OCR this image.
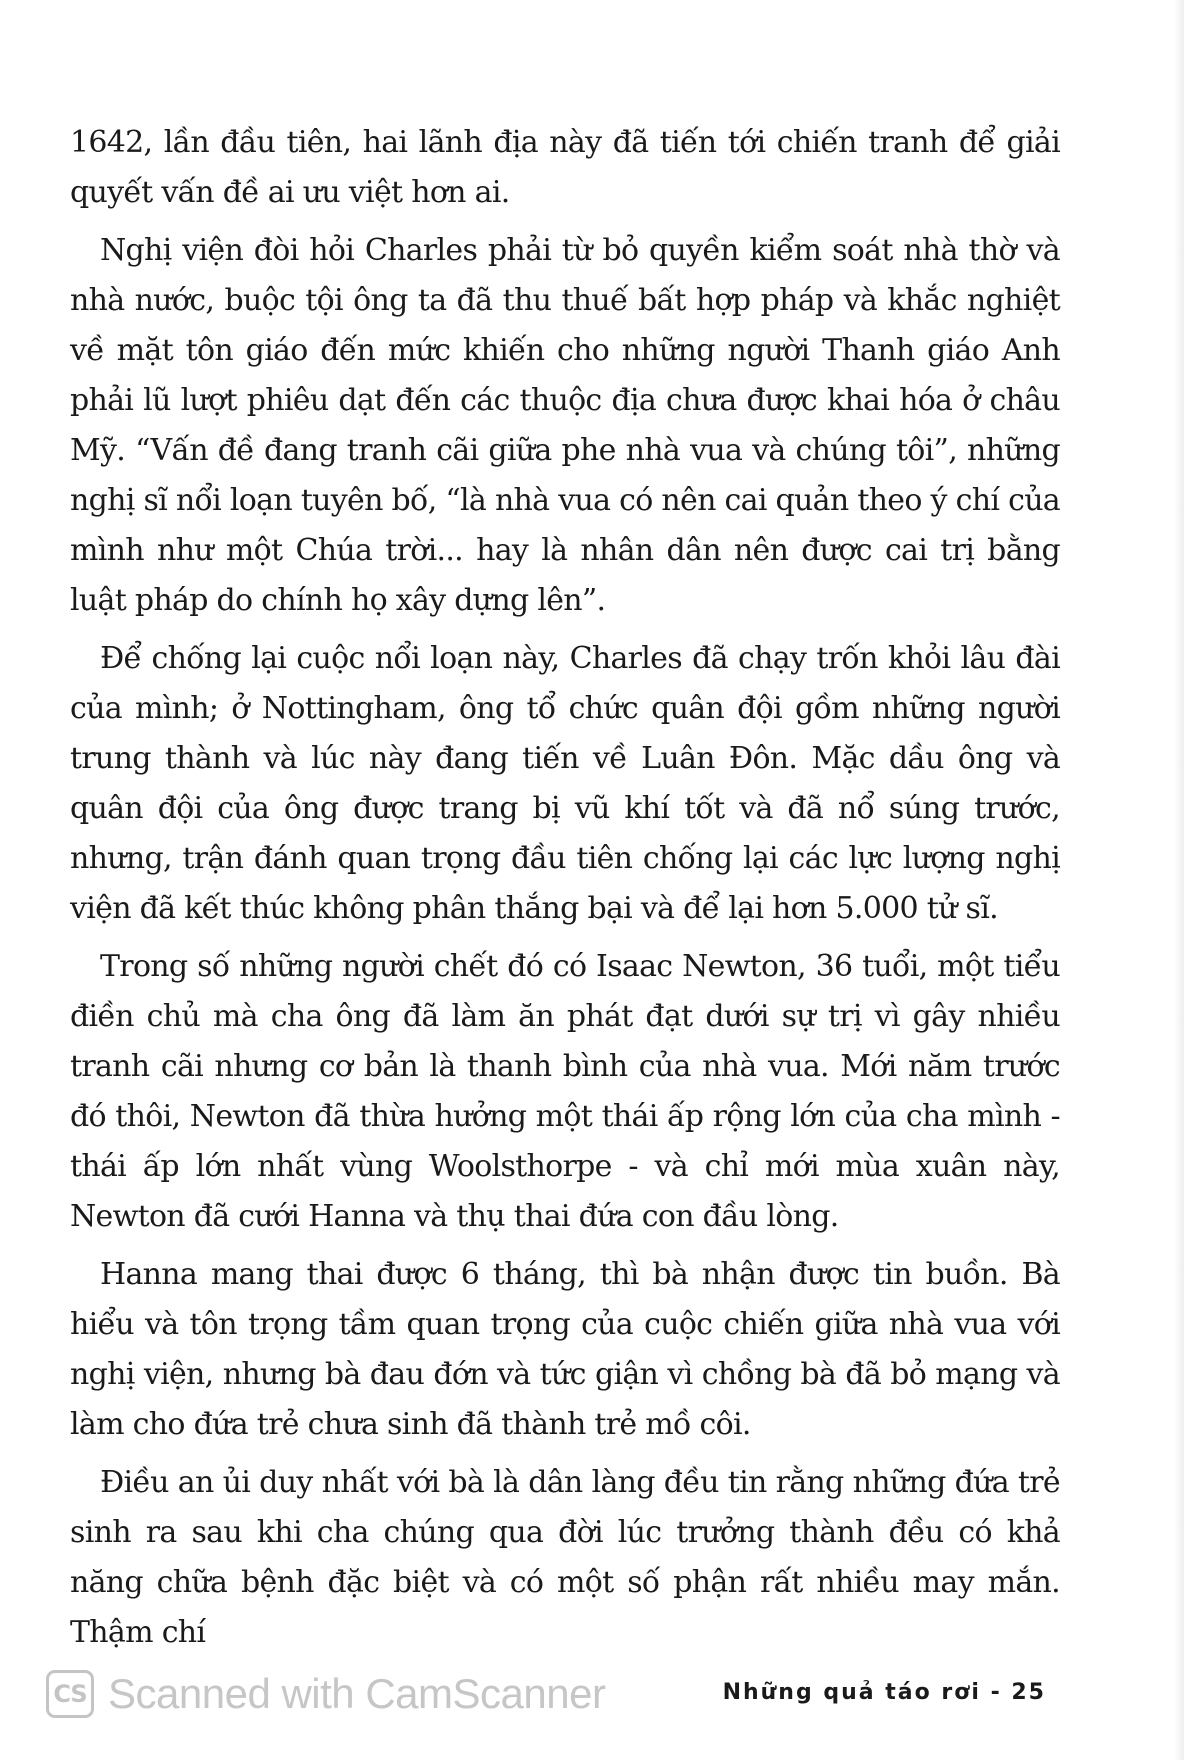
1642, lần đầu tiên, hai lãnh địa này đã tiến tới chiến tranh để giải quyết vấn đề ai ưu việt hơn ai.

Nghị viện đòi hỏi Charles phải từ bỏ quyền kiểm soát nhà thờ và nhà nước, buộc tội ông ta đã thu thuế bất hợp pháp và khắc nghiệt về mặt tôn giáo đến mức khiến cho những người Thanh giáo Anh phải lũ lượt phiêu dạt đến các thuộc địa chưa được khai hóa ở châu Mỹ. “Vấn đề đang tranh cãi giữa phe nhà vua và chúng tôi”, những nghị sĩ nổi loạn tuyên bố, “là nhà vua có nên cai quản theo ý chí của mình như một Chúa trời... hay là nhân dân nên được cai trị bằng luật pháp do chính họ xây dựng lên”.

Để chống lại cuộc nổi loạn này, Charles đã chạy trốn khỏi lâu đài của mình; ở Nottingham, ông tổ chức quân đội gồm những người trung thành và lúc này đang tiến về Luân Đôn. Mặc dầu ông và quân đội của ông được trang bị vũ khí tốt và đã nổ súng trước, nhưng, trận đánh quan trọng đầu tiên chống lại các lực lượng nghị viện đã kết thúc không phân thắng bại và để lại hơn 5.000 tử sĩ.

Trong số những người chết đó có Isaac Newton, 36 tuổi, một tiểu điền chủ mà cha ông đã làm ăn phát đạt dưới sự trị vì gây nhiều tranh cãi nhưng cơ bản là thanh bình của nhà vua. Mới năm trước đó thôi, Newton đã thừa hưởng một thái ấp rộng lớn của cha mình - thái ấp lớn nhất vùng Woolsthorpe - và chỉ mới mùa xuân này, Newton đã cưới Hanna và thụ thai đứa con đầu lòng.

Hanna mang thai được 6 tháng, thì bà nhận được tin buồn. Bà hiểu và tôn trọng tầm quan trọng của cuộc chiến giữa nhà vua với nghị viện, nhưng bà đau đớn và tức giận vì chồng bà đã bỏ mạng và làm cho đứa trẻ chưa sinh đã thành trẻ mồ côi.

Điều an ủi duy nhất với bà là dân làng đều tin rằng những đứa trẻ sinh ra sau khi cha chúng qua đời lúc trưởng thành đều có khả năng chữa bệnh đặc biệt và có một số phận rất nhiều may mắn. Thậm chí

CS Scanned with CamScanner	Những quả táo rơi - 25
